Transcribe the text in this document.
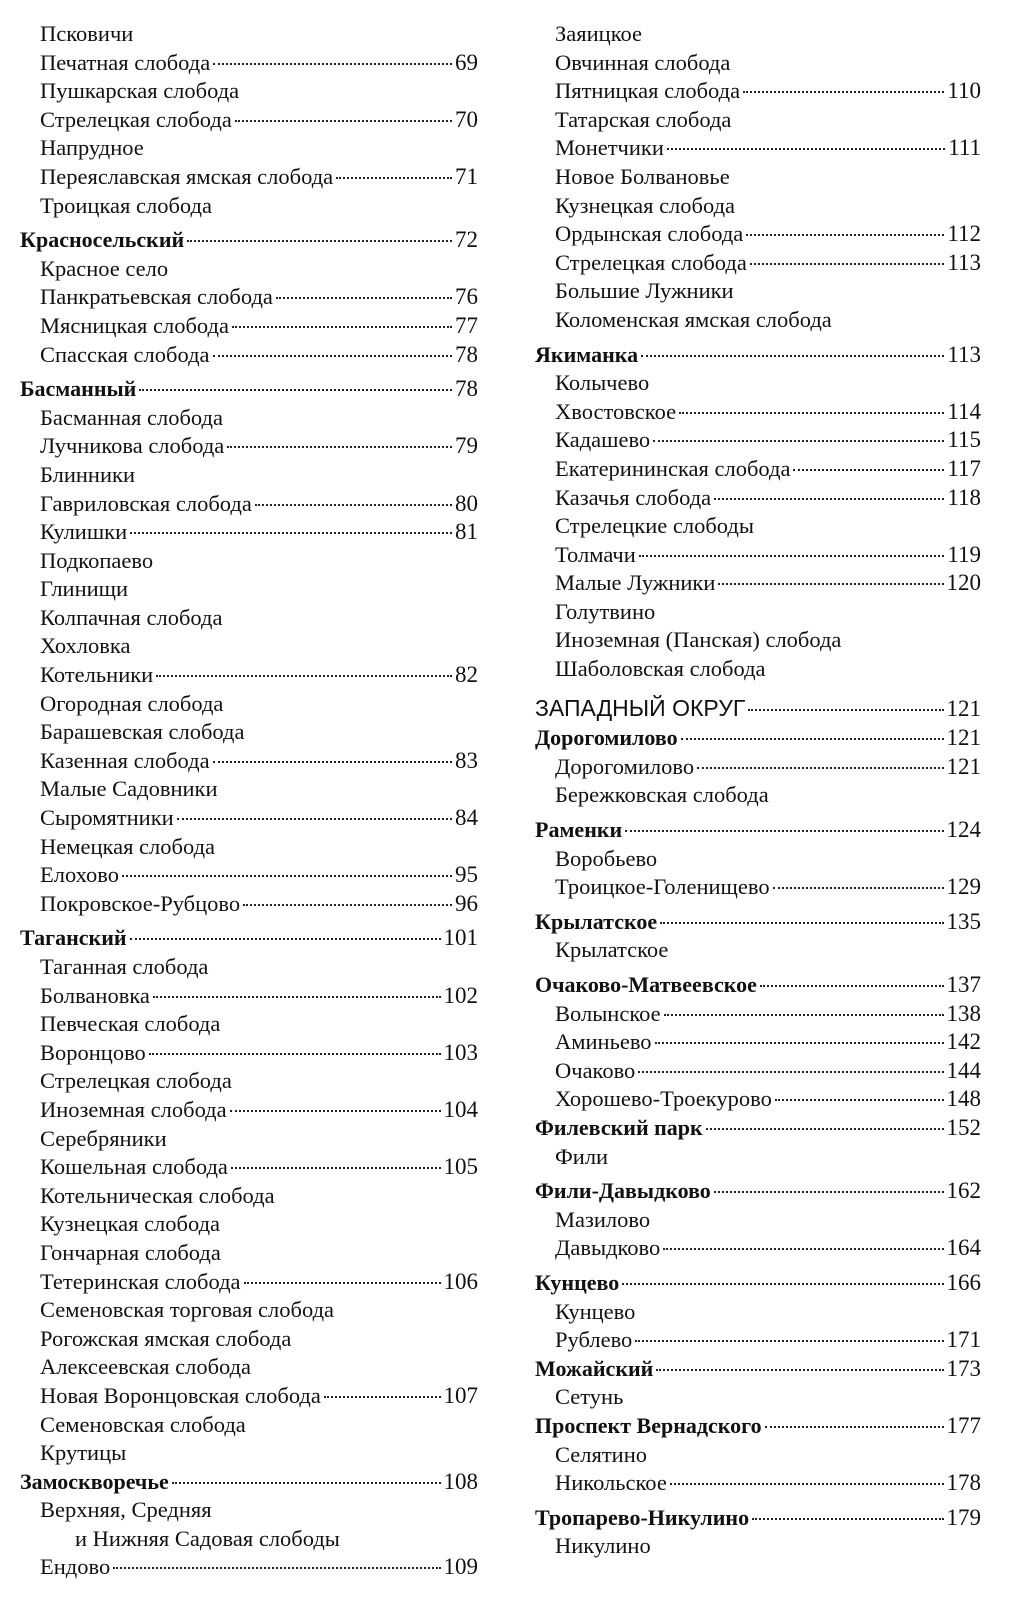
Псковичи
Печатная слобода	69
Пушкарская слобода
Стрелецкая слобода	70
Напрудное
Переяславская ямская слобода	71
Троицкая слобода
Красносельский	72
Красное село
Панкратьевская слобода	76
Мясницкая слобода	77
Спасская слобода	78
Басманный	78
Басманная слобода
Лучникова слобода	79
Блинники
Гавриловская слобода	80
Кулишки	81
Подкопаево
Глинищи
Колпачная слобода
Хохловка
Котельники	82
Огородная слобода
Барашевская слобода
Казенная слобода	83
Малые Садовники
Сыромятники	84
Немецкая слобода
Елохово	95
Покровское-Рубцово	96
Таганский	101
Таганная слобода
Болвановка	102
Певческая слобода
Воронцово	103
Стрелецкая слобода
Иноземная слобода	104
Серебряники
Кошельная слобода	105
Котельническая слобода
Кузнецкая слобода
Гончарная слобода
Тетеринская слобода	106
Семеновская торговая слобода
Рогожская ямская слобода
Алексеевская слобода
Новая Воронцовская слобода	107
Семеновская слобода
Крутицы
Замоскворечье	108
Верхняя, Средняя
и Нижняя Садовая слободы
Ендово	109
Заяицкое
Овчинная слобода
Пятницкая слобода	110
Татарская слобода
Монетчики	111
Новое Болвановье
Кузнецкая слобода
Ордынская слобода	112
Стрелецкая слобода	113
Большие Лужники
Коломенская ямская слобода
Якиманка	113
Колычево
Хвостовское	114
Кадашево	115
Екатерининская слобода	117
Казачья слобода	118
Стрелецкие слободы
Толмачи	119
Малые Лужники	120
Голутвино
Иноземная (Панская) слобода
Шаболовская слобода
ЗАПАДНЫЙ ОКРУГ	121
Дорогомилово	121
Дорогомилово	121
Бережковская слобода
Раменки	124
Воробьево
Троицкое-Голенищево	129
Крылатское	135
Крылатское
Очаково-Матвеевское	137
Волынское	138
Аминьево	142
Очаково	144
Хорошево-Троекурово	148
Филевский парк	152
Фили
Фили-Давыдково	162
Мазилово
Давыдково	164
Кунцево	166
Кунцево
Рублево	171
Можайский	173
Сетунь
Проспект Вернадского	177
Селятино
Никольское	178
Тропарево-Никулино	179
Никулино
